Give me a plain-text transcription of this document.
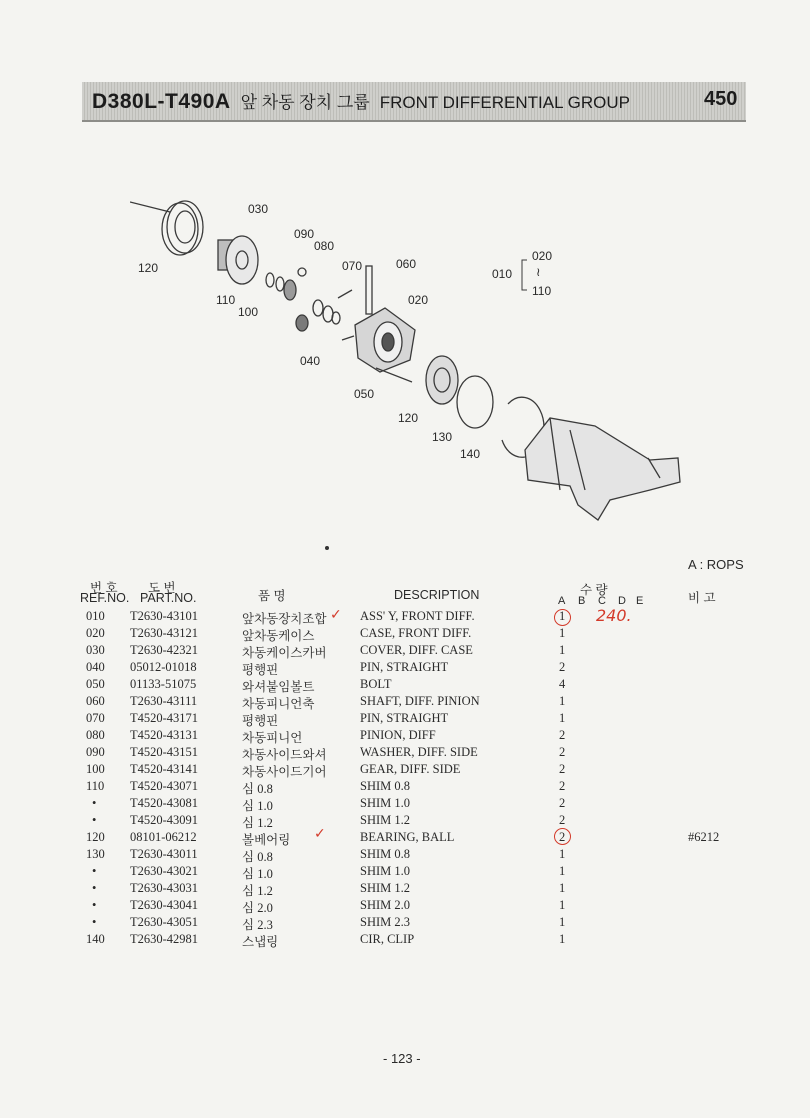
D380L-T490A 앞 차동 장치 그룹 FRONT DIFFERENTIAL GROUP	450
030
090
080
070	060
020
120
110
100
040
050
120
130
140
010
020
≀
110
A : ROPS
번 호
REF.NO.
도 번
PART.NO.	품 명	DESCRIPTION	수 량
A B C D E	비 고
010	T2630-43101	앞차동장치조합	ASS' Y, FRONT DIFF.	1
020	T2630-43121	앞차동케이스	CASE, FRONT DIFF.	1
030	T2630-42321	차동케이스카버	COVER, DIFF. CASE	1
040	05012-01018	평행핀	PIN, STRAIGHT	2
050	01133-51075	와셔붙임볼트	BOLT	4
060	T2630-43111	차동피니언축	SHAFT, DIFF. PINION	1
070	T4520-43171	평행핀	PIN, STRAIGHT	1
080	T4520-43131	차동피니언	PINION, DIFF	2
090	T4520-43151	차동사이드와셔	WASHER, DIFF. SIDE	2
100	T4520-43141	차동사이드기어	GEAR, DIFF. SIDE	2
110	T4520-43071	심 0.8	SHIM 0.8	2
•	T4520-43081	심 1.0	SHIM 1.0	2
•	T4520-43091	심 1.2	SHIM 1.2	2
120	08101-06212	볼베어링	BEARING, BALL	2	#6212
130	T2630-43011	심 0.8	SHIM 0.8	1
•	T2630-43021	심 1.0	SHIM 1.0	1
•	T2630-43031	심 1.2	SHIM 1.2	1
•	T2630-43041	심 2.0	SHIM 2.0	1
•	T2630-43051	심 2.3	SHIM 2.3	1
140	T2630-42981	스냅링	CIR, CLIP	1
✓
✓
240.
- 123 -
